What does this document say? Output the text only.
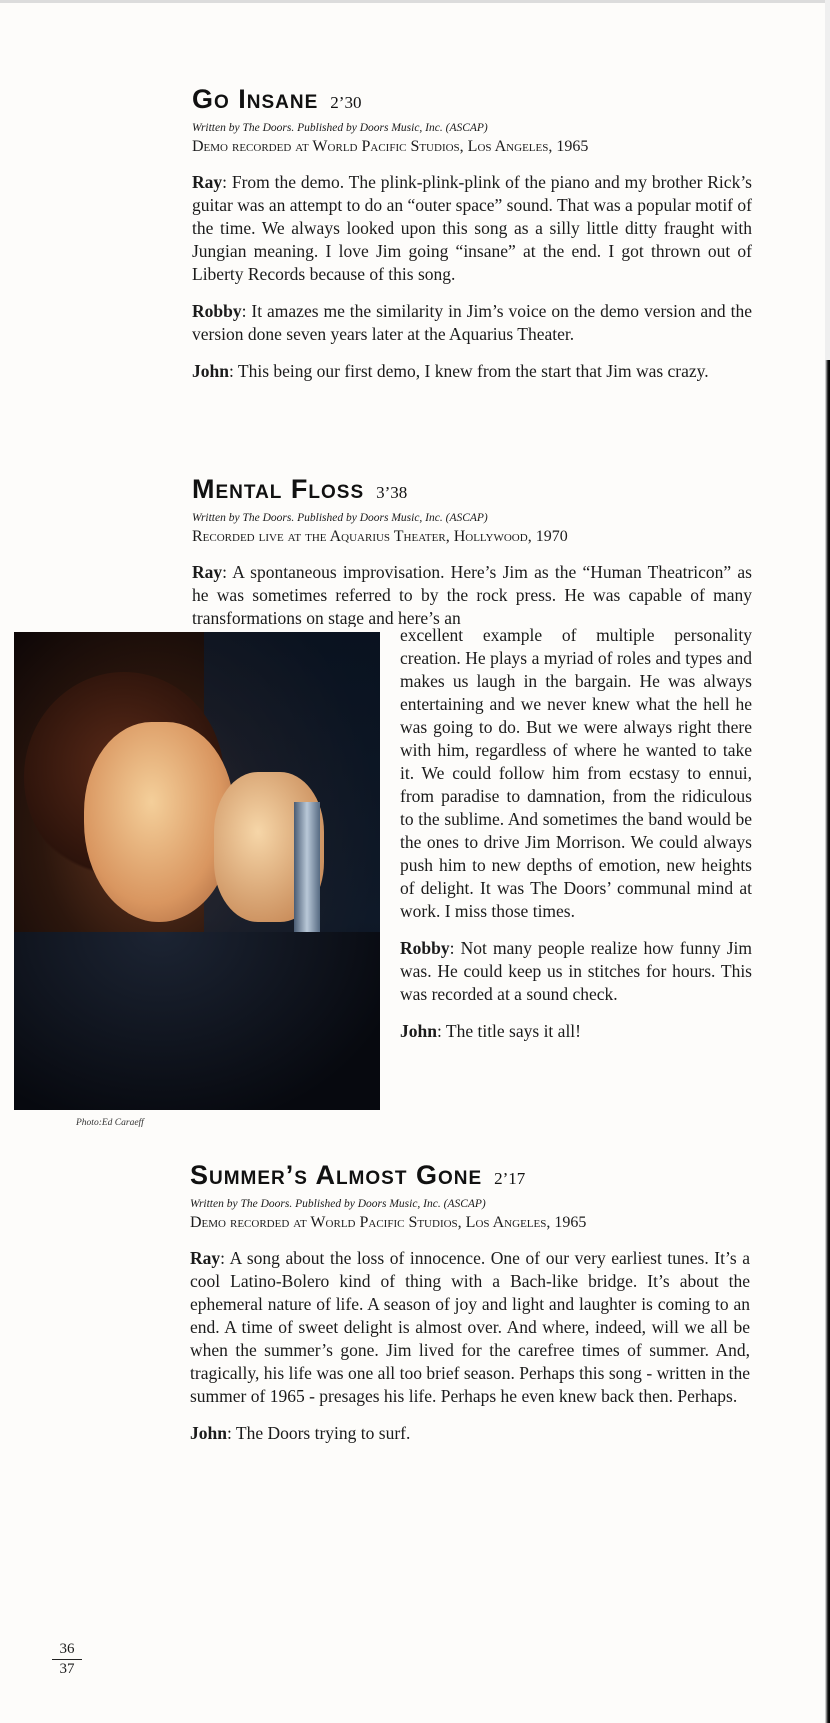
Go Insane 2’30
Written by The Doors. Published by Doors Music, Inc. (ASCAP)
Demo recorded at World Pacific Studios, Los Angeles, 1965
Ray: From the demo. The plink-plink-plink of the piano and my brother Rick’s guitar was an attempt to do an “outer space” sound. That was a popular motif of the time. We always looked upon this song as a silly little ditty fraught with Jungian meaning. I love Jim going “insane” at the end. I got thrown out of Liberty Records because of this song.
Robby: It amazes me the similarity in Jim’s voice on the demo version and the version done seven years later at the Aquarius Theater.
John: This being our first demo, I knew from the start that Jim was crazy.
Mental Floss 3’38
Written by The Doors. Published by Doors Music, Inc. (ASCAP)
Recorded live at the Aquarius Theater, Hollywood, 1970
Ray: A spontaneous improvisation. Here’s Jim as the “Human Theatricon” as he was sometimes referred to by the rock press. He was capable of many transformations on stage and here’s an
excellent example of multiple personality creation. He plays a myriad of roles and types and makes us laugh in the bargain. He was always entertaining and we never knew what the hell he was going to do. But we were always right there with him, regardless of where he wanted to take it. We could follow him from ecstasy to ennui, from paradise to damnation, from the ridiculous to the sublime. And sometimes the band would be the ones to drive Jim Morrison. We could always push him to new depths of emotion, new heights of delight. It was The Doors’ communal mind at work. I miss those times.
Robby: Not many people realize how funny Jim was. He could keep us in stitches for hours. This was recorded at a sound check.
John: The title says it all!
Photo:Ed Caraeff
Summer’s Almost Gone 2’17
Written by The Doors. Published by Doors Music, Inc. (ASCAP)
Demo recorded at World Pacific Studios, Los Angeles, 1965
Ray: A song about the loss of innocence. One of our very earliest tunes. It’s a cool Latino-Bolero kind of thing with a Bach-like bridge. It’s about the ephemeral nature of life. A season of joy and light and laughter is coming to an end. A time of sweet delight is almost over. And where, indeed, will we all be when the summer’s gone. Jim lived for the carefree times of summer. And, tragically, his life was one all too brief season. Perhaps this song - written in the summer of 1965 - presages his life. Perhaps he even knew back then. Perhaps.
John: The Doors trying to surf.
36
37
